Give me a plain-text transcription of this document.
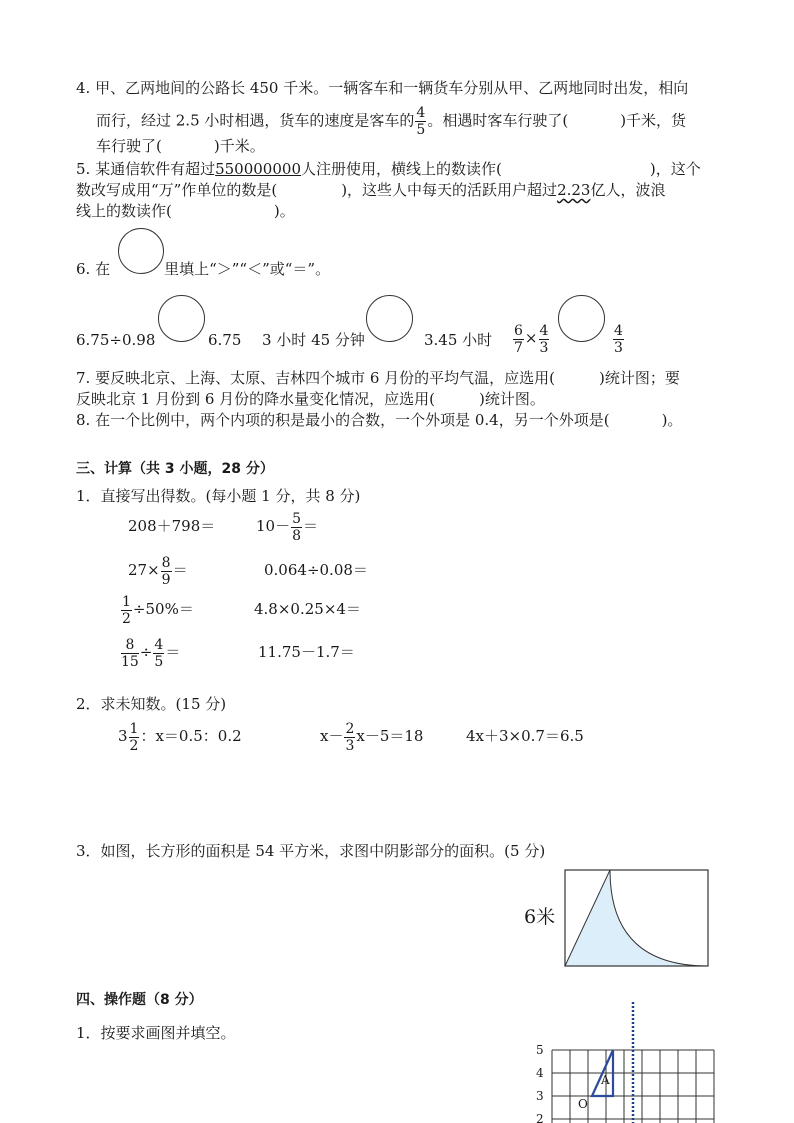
4. 甲、乙两地间的公路长 450 千米。一辆客车和一辆货车分别从甲、乙两地同时出发，相向
而行，经过 2.5 小时相遇，货车的速度是客车的 $\frac{4}{5}$ 。相遇时客车行驶了(	)千米，货
车行驶了(	)千米。
5. 某通信软件有超过550000000人注册使用，横线上的数读作(	)，这个
数改写成用“万”作单位的数是(	)，这些人中每天的活跃用户超过2.23亿人，波浪
线上的数读作(	)。
6. 在	里填上“＞”“＜”或“＝”。
6.75÷0.98	6.75 3 小时 45 分钟	3.45 小时 $\frac{6}{7} \times \frac{4}{3}$	$\frac{4}{3}$
7. 要反映北京、上海、太原、吉林四个城市 6 月份的平均气温，应选用(	)统计图；要
反映北京 1 月份到 6 月份的降水量变化情况，应选用(	)统计图。
8. 在一个比例中，两个内项的积是最小的合数，一个外项是 0.4，另一个外项是(	)。
三、计算（共 3 小题，28 分）
1．直接写出得数。(每小题 1 分，共 8 分)
208＋798＝	$10- \frac{5}{8}$ ＝
$27\times \frac{8}{9}$ ＝	0.064÷0.08＝
$\frac{1}{2} \div 50\%=$	4.8×0.25×4＝
$\frac{8}{15} \div \frac{4}{5}$ ＝	11.75－1.7＝
2．求未知数。(15 分)
$3 \frac{1}{2}$ ：x＝0.5：0.2	$x- \frac{2}{3} x-5=18$	4x＋3×0.7＝6.5
3．如图，长方形的面积是 54 平方米，求图中阴影部分的面积。(5 分)
6米
四、操作题（8 分）
1．按要求画图并填空。
5
4
3
2
A
O
